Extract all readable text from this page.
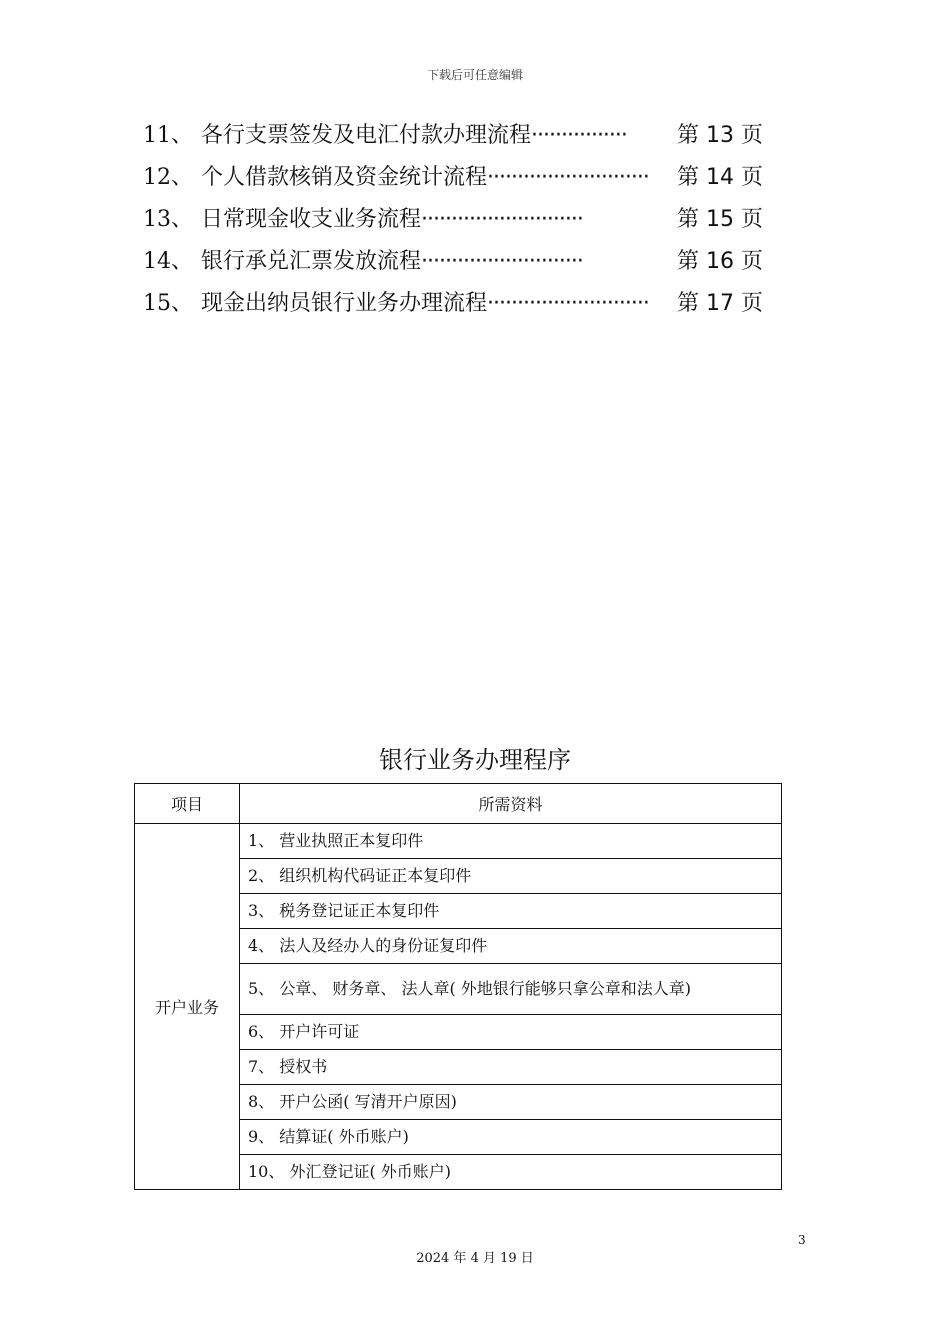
下载后可任意编辑
11、 各行支票签发及电汇付款办理流程 ················	第 13 页
12、 个人借款核销及资金统计流程 ···························	第 14 页
13、 日常现金收支业务流程 ···························	第 15 页
14、 银行承兑汇票发放流程 ···························	第 16 页
15、 现金出纳员银行业务办理流程 ···························	第 17 页
银行业务办理程序
项目	所需资料
开户业务	1、 营业执照正本复印件
	2、 组织机构代码证正本复印件
	3、 税务登记证正本复印件
	4、 法人及经办人的身份证复印件
	5、 公章、 财务章、 法人章( 外地银行能够只拿公章和法人章)
	6、 开户许可证
	7、 授权书
	8、 开户公函( 写清开户原因)
	9、 结算证( 外币账户)
	10、 外汇登记证( 外币账户)
3
2024 年 4 月 19 日
